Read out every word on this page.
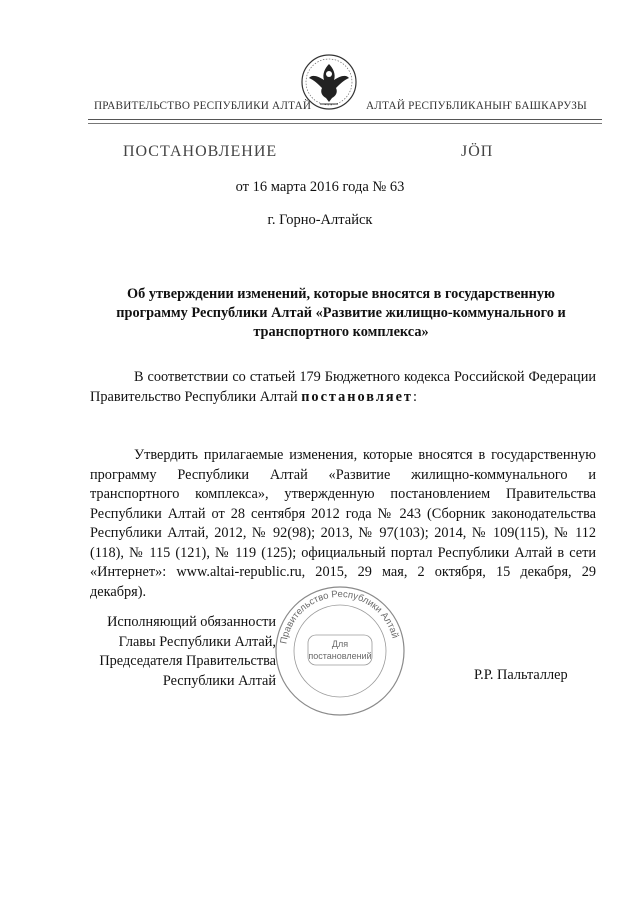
ПРАВИТЕЛЬСТВО РЕСПУБЛИКИ АЛТАЙ	АЛТАЙ РЕСПУБЛИКАНЫҤ БАШКАРУЗЫ
ПОСТАНОВЛЕНИЕ	JӦП
от 16 марта 2016 года № 63
г. Горно-Алтайск
Об утверждении изменений, которые вносятся в государственную программу Республики Алтай «Развитие жилищно-коммунального и транспортного комплекса»

В соответствии со статьей 179 Бюджетного кодекса Российской Федерации Правительство Республики Алтай постановляет:

Утвердить прилагаемые изменения, которые вносятся в государственную программу Республики Алтай «Развитие жилищно-коммунального и транспортного комплекса», утвержденную постановлением Правительства Республики Алтай от 28 сентября 2012 года № 243 (Сборник законодательства Республики Алтай, 2012, № 92(98); 2013, № 97(103); 2014, № 109(115), № 112 (118), № 115 (121), № 119 (125); официальный портал Республики Алтай в сети «Интернет»: www.altai-republic.ru, 2015, 29 мая, 2 октября, 15 декабря, 29 декабря).

Правительство Республики Алтай
Для
постановлений
Исполняющий обязанности
Главы Республики Алтай,
Председателя Правительства
Республики Алтай	Р.Р. Пальталлер
